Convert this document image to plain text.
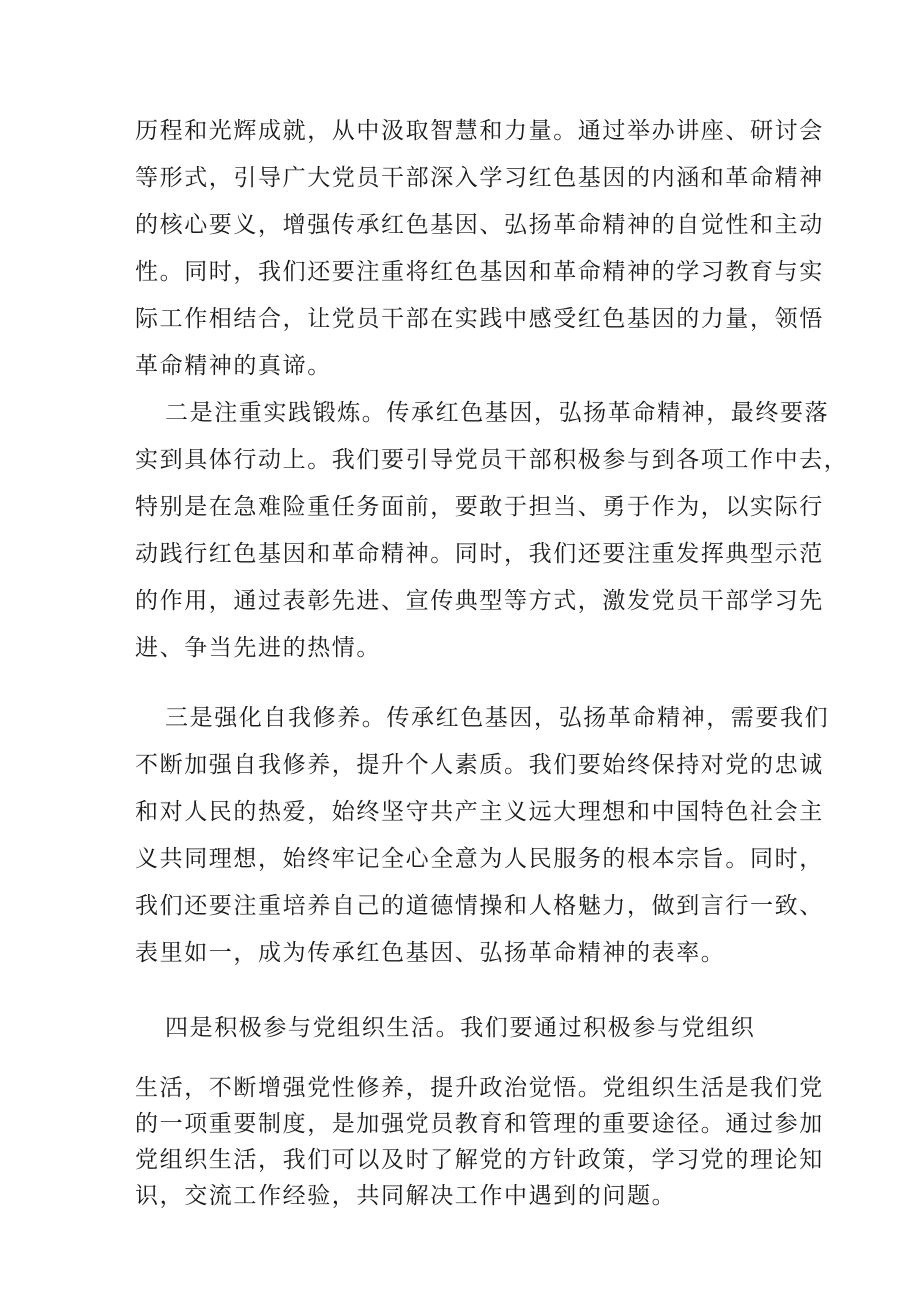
历程和光辉成就，从中汲取智慧和力量。通过举办讲座、研讨会
等形式，引导广大党员干部深入学习红色基因的内涵和革命精神
的核心要义，增强传承红色基因、弘扬革命精神的自觉性和主动
性。同时，我们还要注重将红色基因和革命精神的学习教育与实
际工作相结合，让党员干部在实践中感受红色基因的力量，领悟
革命精神的真谛。
二是注重实践锻炼。传承红色基因，弘扬革命精神，最终要落
实到具体行动上。我们要引导党员干部积极参与到各项工作中去，
特别是在急难险重任务面前，要敢于担当、勇于作为，以实际行
动践行红色基因和革命精神。同时，我们还要注重发挥典型示范
的作用，通过表彰先进、宣传典型等方式，激发党员干部学习先
进、争当先进的热情。
三是强化自我修养。传承红色基因，弘扬革命精神，需要我们
不断加强自我修养，提升个人素质。我们要始终保持对党的忠诚
和对人民的热爱，始终坚守共产主义远大理想和中国特色社会主
义共同理想，始终牢记全心全意为人民服务的根本宗旨。同时，
我们还要注重培养自己的道德情操和人格魅力，做到言行一致、
表里如一，成为传承红色基因、弘扬革命精神的表率。
四是积极参与党组织生活。我们要通过积极参与党组织
生活，不断增强党性修养，提升政治觉悟。党组织生活是我们党
的一项重要制度，是加强党员教育和管理的重要途径。通过参加
党组织生活，我们可以及时了解党的方针政策，学习党的理论知
识，交流工作经验，共同解决工作中遇到的问题。
